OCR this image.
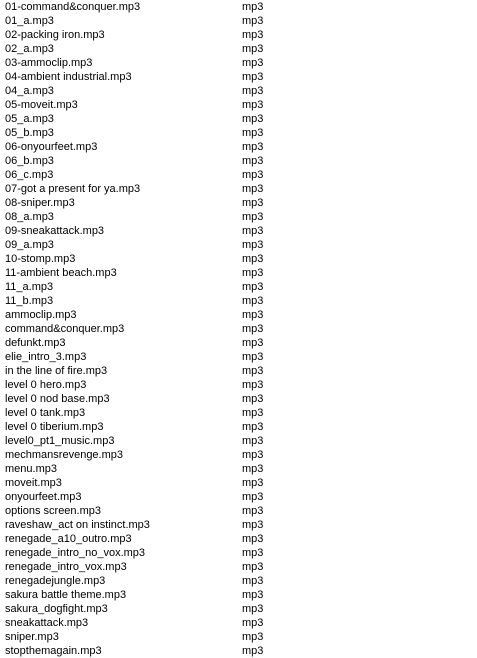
01-command&conquer.mp3	mp3
01_a.mp3	mp3
02-packing iron.mp3	mp3
02_a.mp3	mp3
03-ammoclip.mp3	mp3
04-ambient industrial.mp3	mp3
04_a.mp3	mp3
05-moveit.mp3	mp3
05_a.mp3	mp3
05_b.mp3	mp3
06-onyourfeet.mp3	mp3
06_b.mp3	mp3
06_c.mp3	mp3
07-got a present for ya.mp3	mp3
08-sniper.mp3	mp3
08_a.mp3	mp3
09-sneakattack.mp3	mp3
09_a.mp3	mp3
10-stomp.mp3	mp3
11-ambient beach.mp3	mp3
11_a.mp3	mp3
11_b.mp3	mp3
ammoclip.mp3	mp3
command&conquer.mp3	mp3
defunkt.mp3	mp3
elie_intro_3.mp3	mp3
in the line of fire.mp3	mp3
level 0 hero.mp3	mp3
level 0 nod base.mp3	mp3
level 0 tank.mp3	mp3
level 0 tiberium.mp3	mp3
level0_pt1_music.mp3	mp3
mechmansrevenge.mp3	mp3
menu.mp3	mp3
moveit.mp3	mp3
onyourfeet.mp3	mp3
options screen.mp3	mp3
raveshaw_act on instinct.mp3	mp3
renegade_a10_outro.mp3	mp3
renegade_intro_no_vox.mp3	mp3
renegade_intro_vox.mp3	mp3
renegadejungle.mp3	mp3
sakura battle theme.mp3	mp3
sakura_dogfight.mp3	mp3
sneakattack.mp3	mp3
sniper.mp3	mp3
stopthemagain.mp3	mp3
